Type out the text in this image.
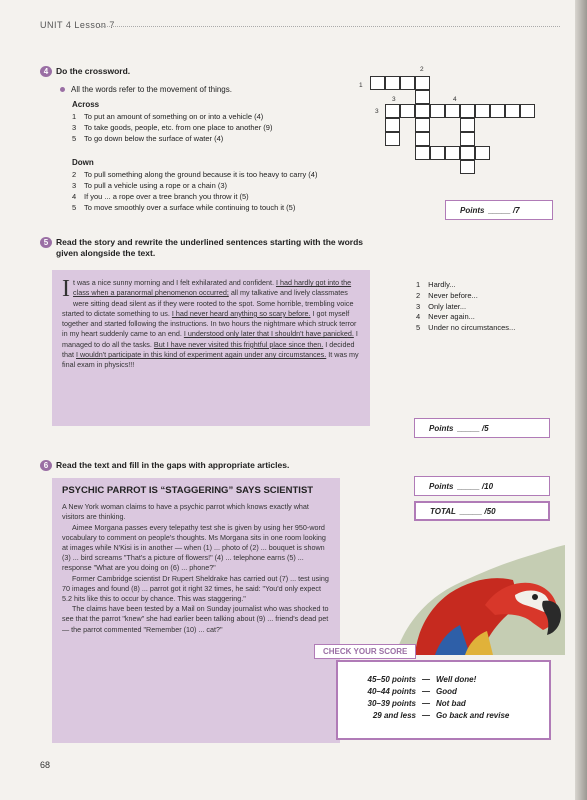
UNIT 4 Lesson 7
4 Do the crossword.
All the words refer to the movement of things.
Across
1 To put an amount of something on or into a vehicle (4)
3 To take goods, people, etc. from one place to another (9)
5 To go down below the surface of water (4)
Down
2 To pull something along the ground because it is too heavy to carry (4)
3 To pull a vehicle using a rope or a chain (3)
4 If you ... a rope over a tree branch you throw it (5)
5 To move smoothly over a surface while continuing to touch it (5)
2
1
3	4
3
Points _____ / 7
5 Read the story and rewrite the underlined sentences starting with the words given alongside the text.
I t was a nice sunny morning and I felt exhilarated and confident. I had hardly got into the class when a paranormal phenomenon occurred; all my talkative and lively classmates were sitting dead silent as if they were rooted to the spot. Some horrible, trembling voice started to dictate something to us. I had never heard anything so scary before. I got myself together and started following the instructions. In two hours the nightmare which struck terror in my heart suddenly came to an end. I understood only later that I shouldn't have panicked. I managed to do all the tasks. But I have never visited this frightful place since then. I decided that I wouldn't participate in this kind of experiment again under any circumstances. It was my final exam in physics!!!
1 Hardly...
2 Never before...
3 Only later...
4 Never again...
5 Under no circumstances...
Points _____ / 5
6 Read the text and fill in the gaps with appropriate articles.
Points _____ / 10
TOTAL _____ / 50
PSYCHIC PARROT IS “STAGGERING” SAYS SCIENTIST

A New York woman claims to have a psychic parrot which knows exactly what visitors are thinking.

Aimee Morgana passes every telepathy test she is given by using her 950-word vocabulary to comment on people's thoughts. Ms Morgana sits in one room looking at images while N'Kisi is in another — when (1) ... photo of (2) ... bouquet is shown (3) ... bird screams "That's a picture of flowers!" (4) ... telephone earns (5) ... response "What are you doing on (6) ... phone?"

Former Cambridge scientist Dr Rupert Sheldrake has carried out (7) ... test using 70 images and found (8) ... parrot got it right 32 times, he said: "You'd only expect 5.2 hits like this to occur by chance. This was staggering."

The claims have been tested by a Mail on Sunday journalist who was shocked to see that the parrot "knew" she had earlier been talking about (9) ... friend's dead pet — the parrot commented "Remember (10) ... cat?"

CHECK YOUR SCORE
45–50 points — Well done!
40–44 points — Good
30–39 points — Not bad
29 and less — Go back and revise
68
